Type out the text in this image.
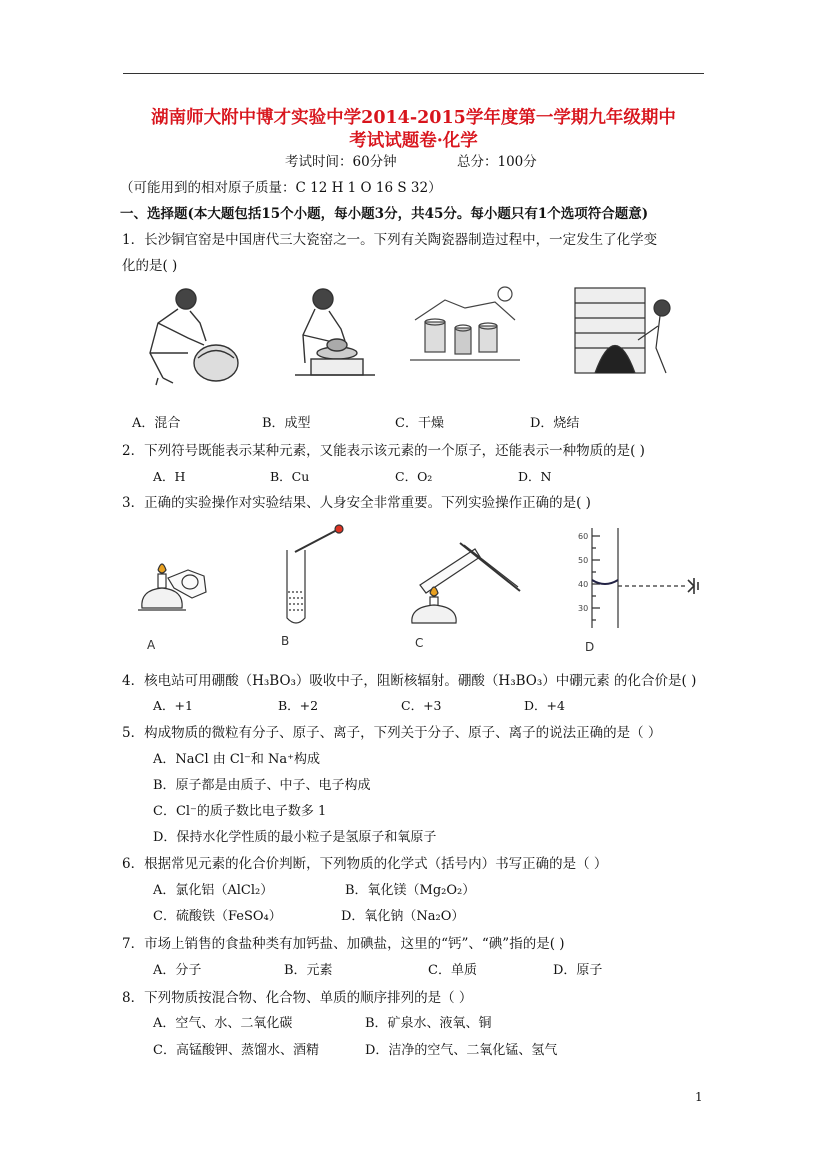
湖南师大附中博才实验中学2014-2015学年度第一学期九年级期中
考试试题卷·化学
考试时间：60分钟	总分：100分
（可能用到的相对原子质量：C 12 H 1 O 16 S 32）
一、选择题(本大题包括15个小题，每小题3分，共45分。每小题只有1个选项符合题意)
1．长沙铜官窑是中国唐代三大瓷窑之一。下列有关陶瓷器制造过程中，一定发生了化学变
化的是( )
A．混合	B．成型	C．干燥	D．烧结
2．下列符号既能表示某种元素，又能表示该元素的一个原子，还能表示一种物质的是( )
A．H	B．Cu	C．O₂	D．N
3．正确的实验操作对实验结果、人身安全非常重要。下列实验操作正确的是( )
A	B	C
60
50
40
30
D
4．核电站可用硼酸（H₃BO₃）吸收中子，阻断核辐射。硼酸（H₃BO₃）中硼元素 的化合价是( )
A．+1	B．+2	C．+3	D．+4
5．构成物质的微粒有分子、原子、离子，下列关于分子、原子、离子的说法正确的是（ ）
A．NaCl 由 Cl⁻和 Na⁺构成
B．原子都是由质子、中子、电子构成
C．Cl⁻的质子数比电子数多 1
D．保持水化学性质的最小粒子是氢原子和氧原子
6．根据常见元素的化合价判断，下列物质的化学式（括号内）书写正确的是（ ）
A．氯化铝（AlCl₂）	B．氧化镁（Mg₂O₂）
C．硫酸铁（FeSO₄）	D．氧化钠（Na₂O）
7．市场上销售的食盐种类有加钙盐、加碘盐，这里的“钙”、“碘”指的是( )
A．分子	B．元素	C．单质	D．原子
8．下列物质按混合物、化合物、单质的顺序排列的是（ ）
A．空气、水、二氧化碳	B．矿泉水、液氧、铜
C．高锰酸钾、蒸馏水、酒精	D．洁净的空气、二氧化锰、氢气
1
